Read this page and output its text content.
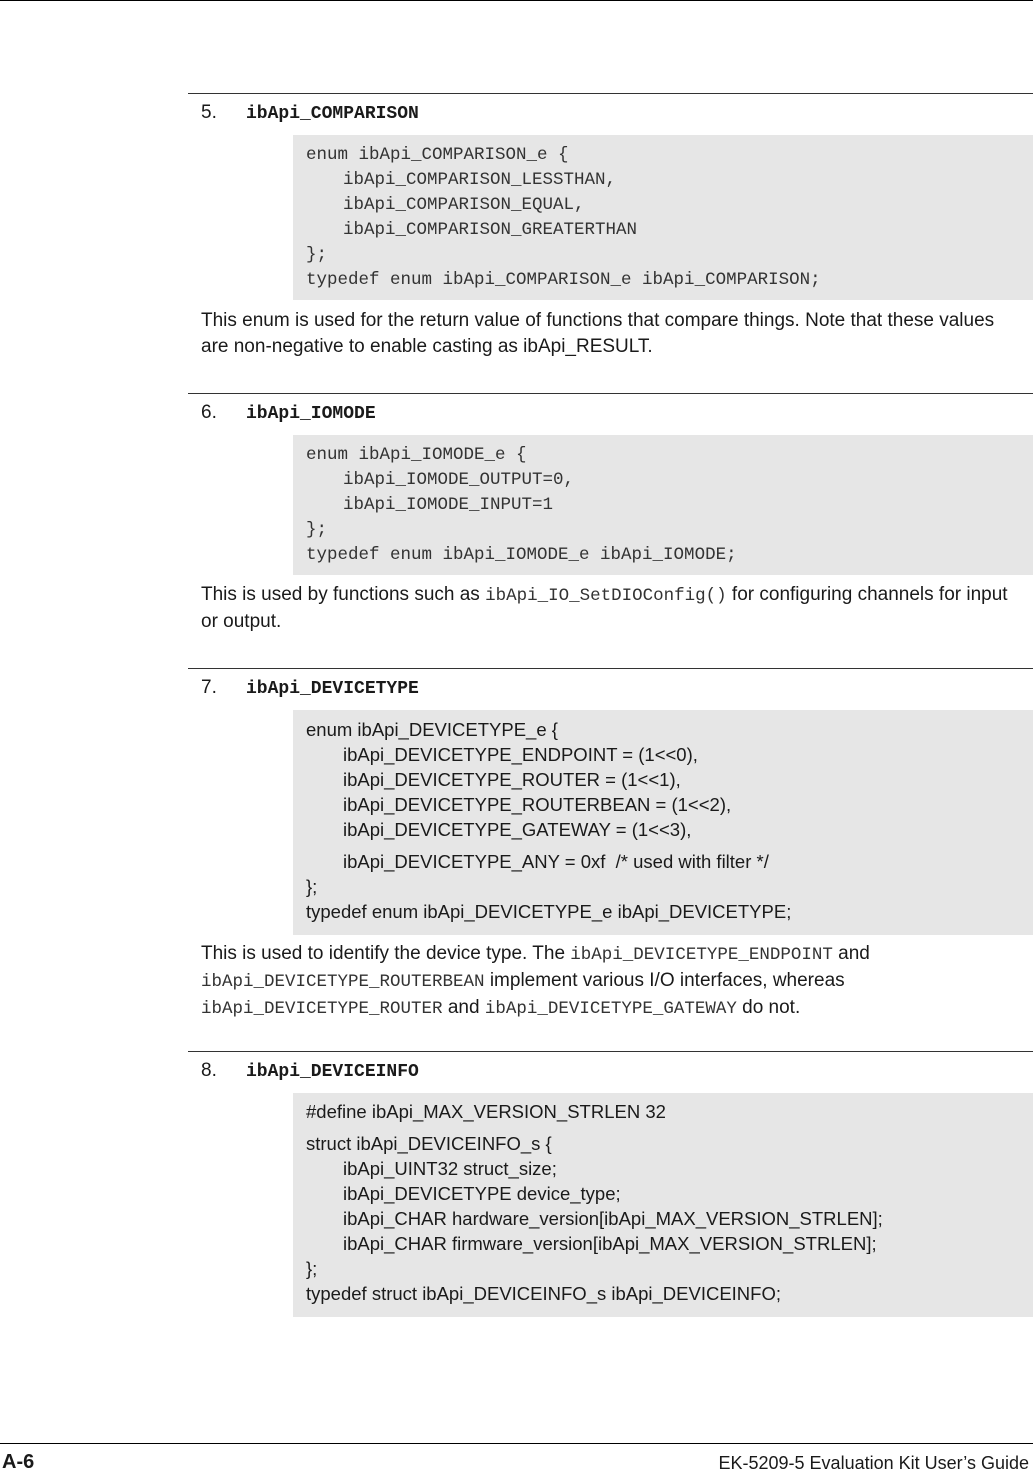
5. ibApi_COMPARISON
enum ibApi_COMPARISON_e {
ibApi_COMPARISON_LESSTHAN,
ibApi_COMPARISON_EQUAL,
ibApi_COMPARISON_GREATERTHAN
};
typedef enum ibApi_COMPARISON_e ibApi_COMPARISON;
This enum is used for the return value of functions that compare things. Note that these values are non-negative to enable casting as ibApi_RESULT.
6. ibApi_IOMODE
enum ibApi_IOMODE_e {
ibApi_IOMODE_OUTPUT=0,
ibApi_IOMODE_INPUT=1
};
typedef enum ibApi_IOMODE_e ibApi_IOMODE;
This is used by functions such as ibApi_IO_SetDIOConfig() for configuring channels for input or output.
7. ibApi_DEVICETYPE
enum ibApi_DEVICETYPE_e {
ibApi_DEVICETYPE_ENDPOINT = (1<<0),
ibApi_DEVICETYPE_ROUTER = (1<<1),
ibApi_DEVICETYPE_ROUTERBEAN = (1<<2),
ibApi_DEVICETYPE_GATEWAY = (1<<3),
ibApi_DEVICETYPE_ANY = 0xf  /* used with filter */
};
typedef enum ibApi_DEVICETYPE_e ibApi_DEVICETYPE;
This is used to identify the device type. The ibApi_DEVICETYPE_ENDPOINT and ibApi_DEVICETYPE_ROUTERBEAN implement various I/O interfaces, whereas ibApi_DEVICETYPE_ROUTER and ibApi_DEVICETYPE_GATEWAY do not.
8. ibApi_DEVICEINFO
#define ibApi_MAX_VERSION_STRLEN 32
struct ibApi_DEVICEINFO_s {
ibApi_UINT32 struct_size;
ibApi_DEVICETYPE device_type;
ibApi_CHAR hardware_version[ibApi_MAX_VERSION_STRLEN];
ibApi_CHAR firmware_version[ibApi_MAX_VERSION_STRLEN];
};
typedef struct ibApi_DEVICEINFO_s ibApi_DEVICEINFO;
A-6	EK-5209-5 Evaluation Kit User’s Guide
